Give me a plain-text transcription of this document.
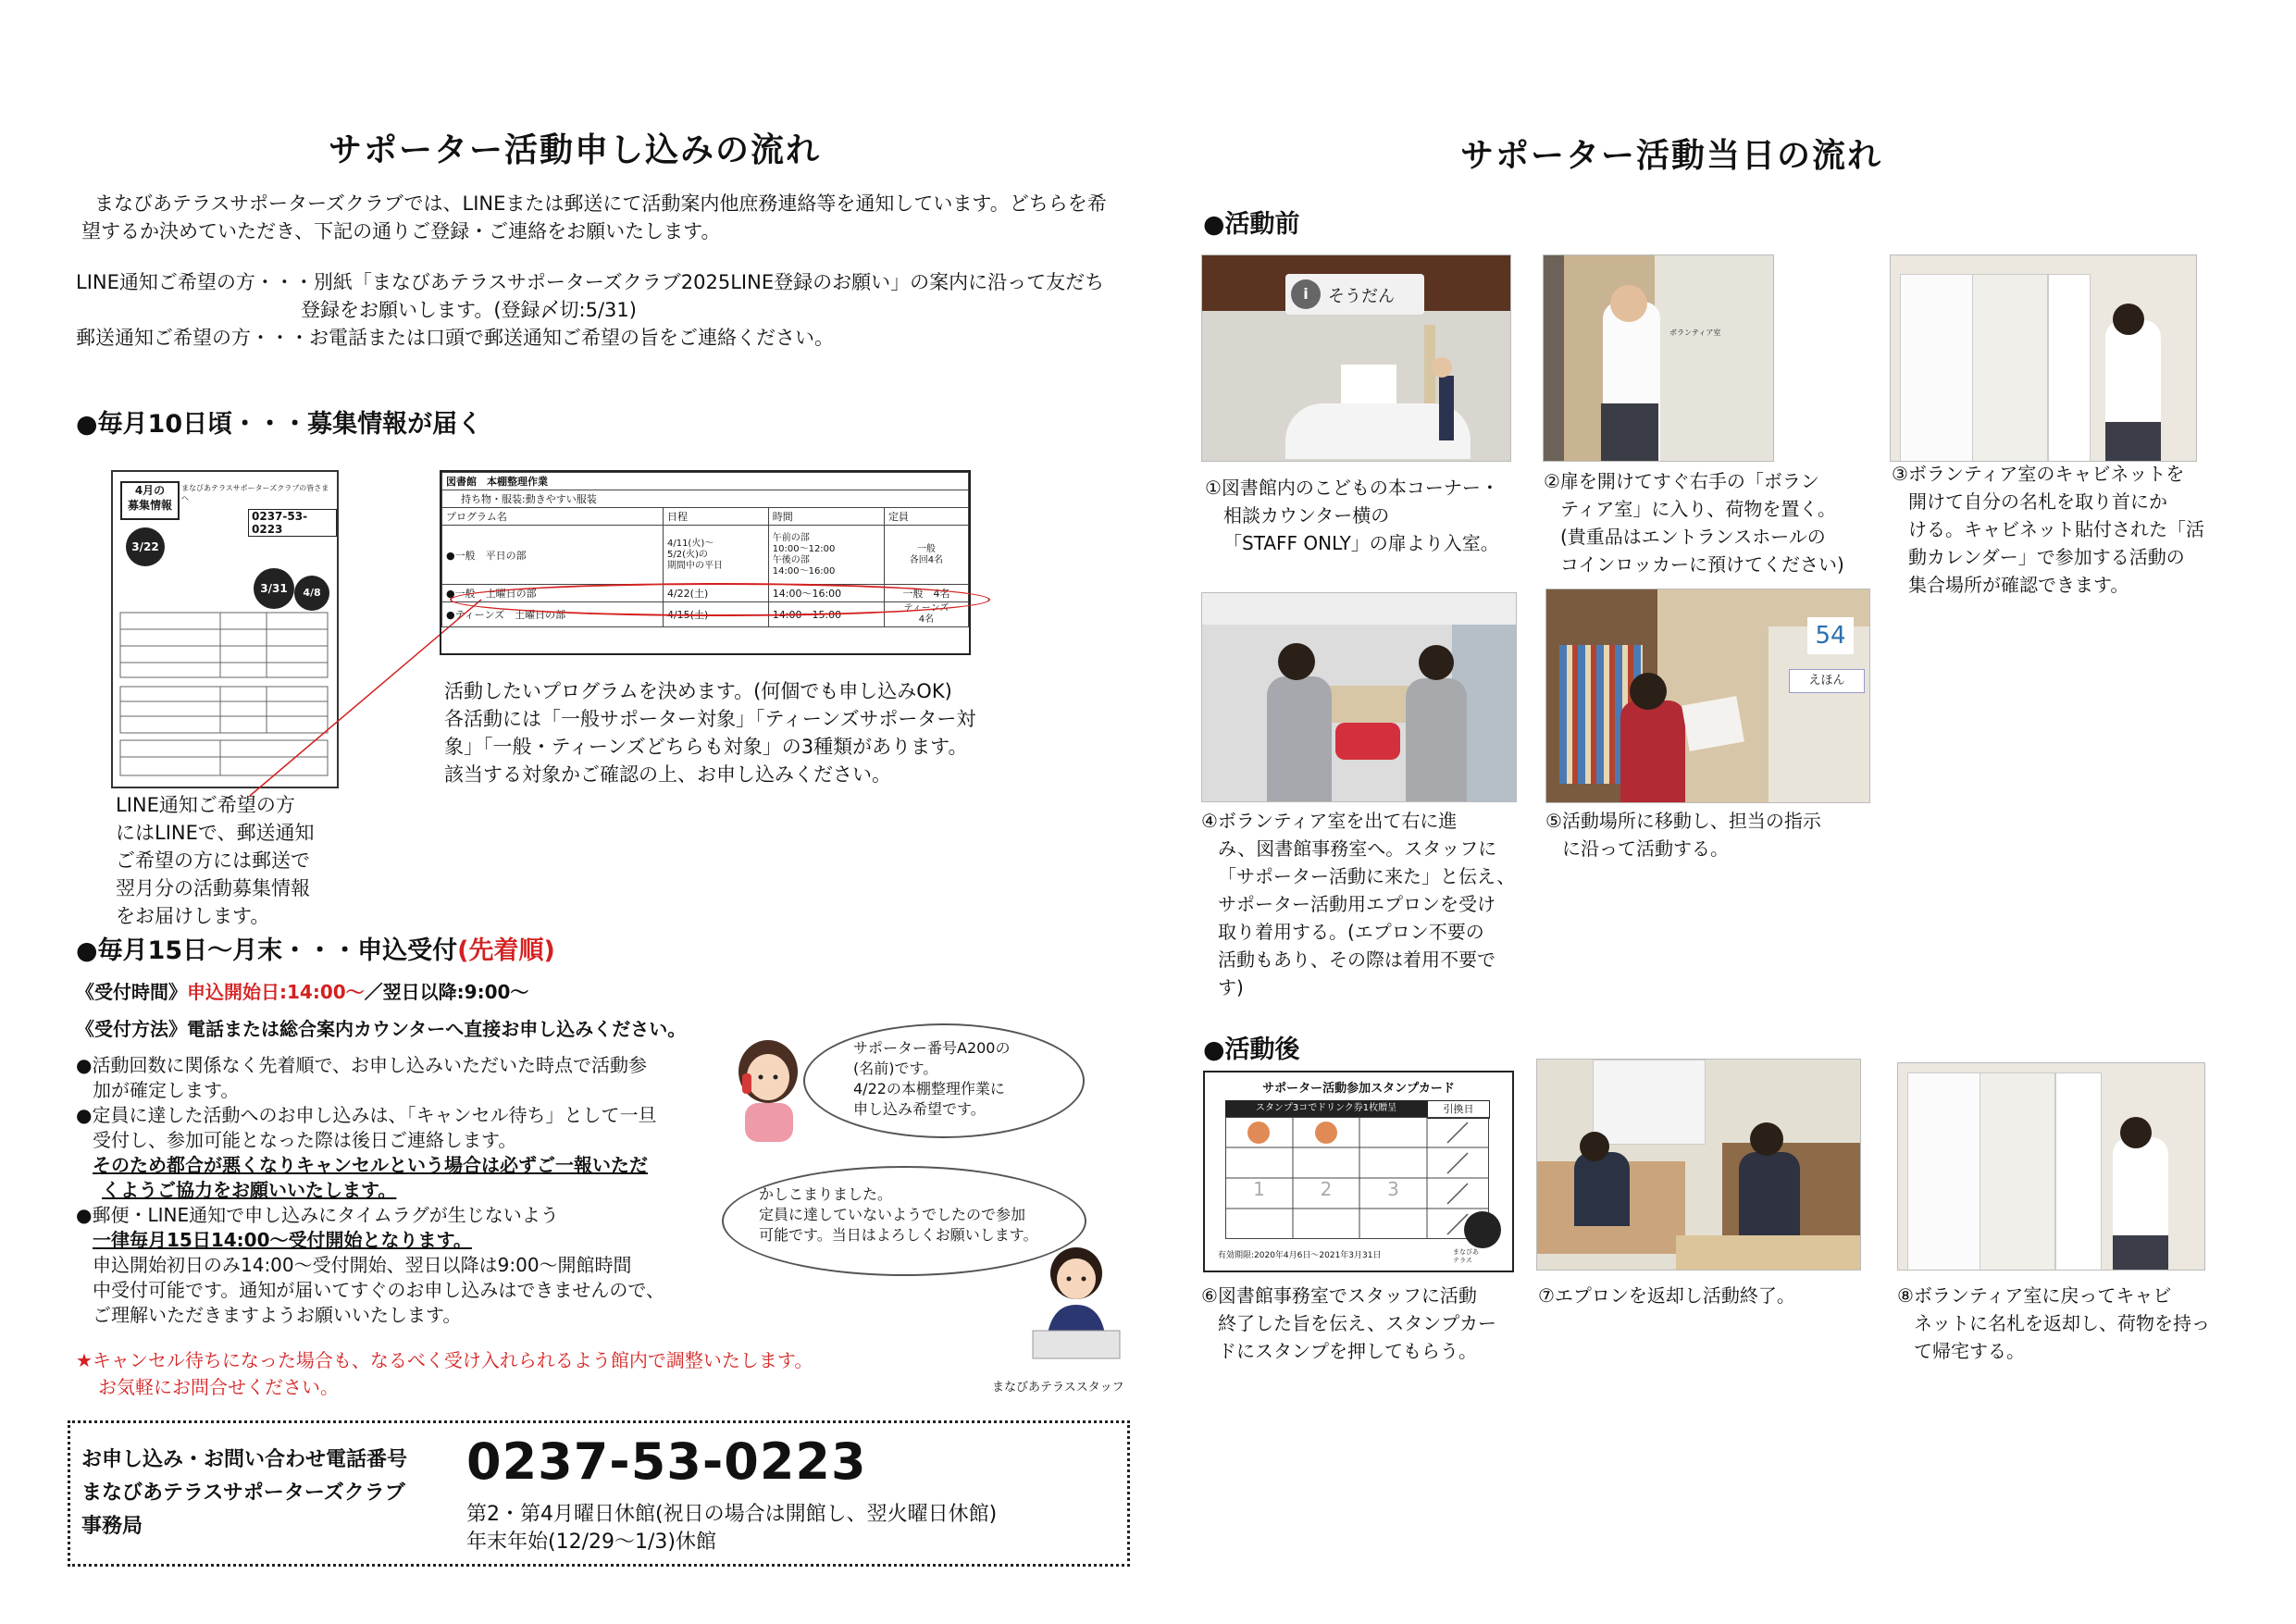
サポーター活動申し込みの流れ
まなびあテラスサポーターズクラブでは、LINEまたは郵送にて活動案内他庶務連絡等を通知しています。どちらを希
望するか決めていただき、下記の通りご登録・ご連絡をお願いたします。
LINE通知ご希望の方・・・別紙「まなびあテラスサポーターズクラブ2025LINE登録のお願い」の案内に沿って友だち
登録をお願いします。(登録〆切:5/31)
郵送通知ご希望の方・・・お電話または口頭で郵送通知ご希望の旨をご連絡ください。
●毎月10日頃・・・募集情報が届く
4月の
募集情報
まなびあテラスサポーターズクラブの皆さまへ
0237-53-0223
3/22
3/31	4/8
LINE通知ご希望の方
にはLINEで、郵送通知
ご希望の方には郵送で
翌月分の活動募集情報
をお届けします。
図書館　本棚整理作業			
持ち物・服装:動きやすい服装			
プログラム名	日程	時間	定員
●一般　平日の部	4/11(火)～
5/2(火)の
期間中の平日	午前の部
10:00～12:00
午後の部
14:00～16:00	一般
各回4名
●一般　土曜日の部	4/22(土)	14:00～16:00	一般　4名
●ティーンズ　土曜日の部	4/15(土)	14:00～15:00	ティーンズ
4名
活動したいプログラムを決めます。(何個でも申し込みOK)
各活動には「一般サポーター対象」「ティーンズサポーター対
象」「一般・ティーンズどちらも対象」の3種類があります。
該当する対象かご確認の上、お申し込みください。
●毎月15日～月末・・・申込受付(先着順)
《受付時間》申込開始日:14:00～／翌日以降:9:00～
《受付方法》電話または総合案内カウンターへ直接お申し込みください。
●活動回数に関係なく先着順で、お申し込みいただいた時点で活動参
加が確定します。
●定員に達した活動へのお申し込みは、「キャンセル待ち」として一旦
受付し、参加可能となった際は後日ご連絡します。
そのため都合が悪くなりキャンセルという場合は必ずご一報いただ
くようご協力をお願いいたします。
●郵便・LINE通知で申し込みにタイムラグが生じないよう
一律毎月15日14:00～受付開始となります。
申込開始初日のみ14:00～受付開始、翌日以降は9:00～開館時間
中受付可能です。通知が届いてすぐのお申し込みはできませんので、
ご理解いただきますようお願いいたします。
サポーター番号A200の
(名前)です。
4/22の本棚整理作業に
申し込み希望です。
かしこまりました。
定員に達していないようでしたので参加
可能です。当日はよろしくお願いします。
まなびあテラススタッフ
★キャンセル待ちになった場合も、なるべく受け入れられるよう館内で調整いたします。
お気軽にお問合せください。
お申し込み・お問い合わせ電話番号
まなびあテラスサポーターズクラブ
事務局
0237-53-0223
第2・第4月曜日休館(祝日の場合は開館し、翌火曜日休館)
年末年始(12/29～1/3)休館
サポーター活動当日の流れ
●活動前
i	そうだん
ボランティア室
①図書館内のこどもの本コーナー・
相談カウンター横の
「STAFF ONLY」の扉より入室。
②扉を開けてすぐ右手の「ボラン
ティア室」に入り、荷物を置く。
(貴重品はエントランスホールの
コインロッカーに預けてください)
③ボランティア室のキャビネットを
開けて自分の名札を取り首にか
ける。キャビネット貼付された「活
動カレンダー」で参加する活動の
集合場所が確認できます。
54
えほん
④ボランティア室を出て右に進
み、図書館事務室へ。スタッフに
「サポーター活動に来た」と伝え、
サポーター活動用エプロンを受け
取り着用する。(エプロン不要の
活動もあり、その際は着用不要で
す)
⑤活動場所に移動し、担当の指示
に沿って活動する。
●活動後
サポーター活動参加スタンプカード
スタンプ3コでドリンク券1枚贈呈	引換日
1	2	3
有効期限:2020年4月6日～2021年3月31日	まなびあ
テラス
⑥図書館事務室でスタッフに活動
終了した旨を伝え、スタンプカー
ドにスタンプを押してもらう。
⑦エプロンを返却し活動終了。	⑧ボランティア室に戻ってキャビ
ネットに名札を返却し、荷物を持っ
て帰宅する。
